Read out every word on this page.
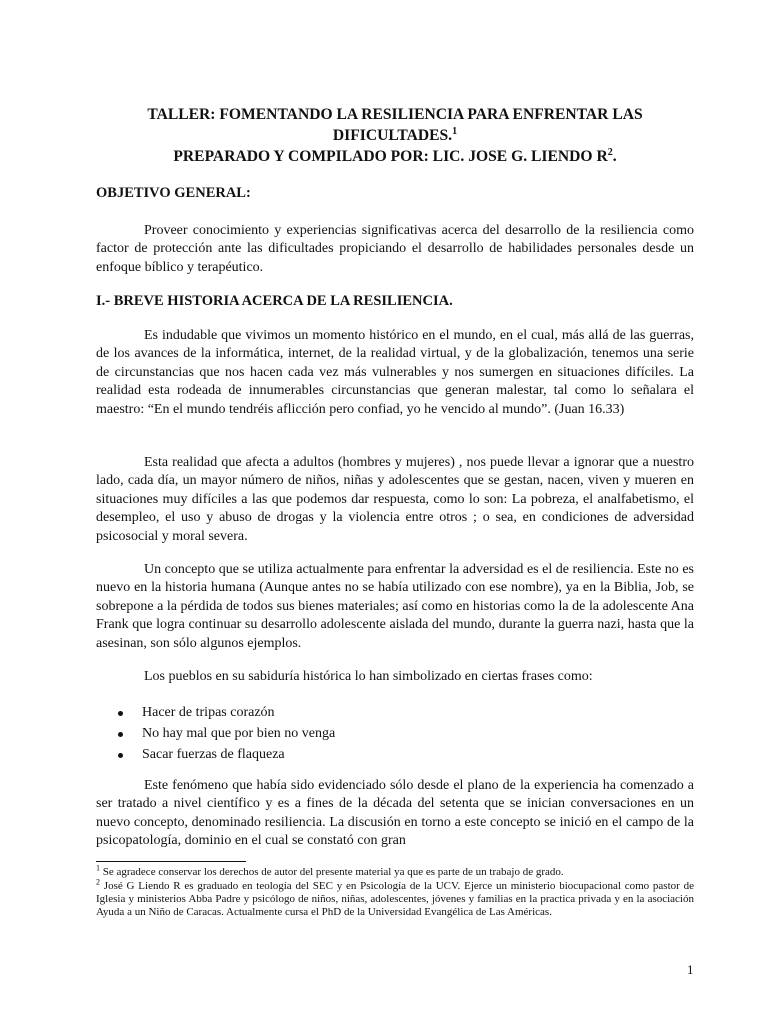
TALLER: FOMENTANDO LA RESILIENCIA PARA ENFRENTAR LAS
DIFICULTADES.$^1$
PREPARADO Y COMPILADO POR: LIC. JOSE G. LIENDO $R^2$.
OBJETIVO GENERAL:

Proveer conocimiento y experiencias significativas acerca del desarrollo de la resiliencia como factor de protección ante las dificultades propiciando el desarrollo de habilidades personales desde un enfoque bíblico y terapéutico.

I.- BREVE HISTORIA ACERCA DE LA RESILIENCIA.

Es indudable que vivimos un momento histórico en el mundo, en el cual, más allá de las guerras, de los avances de la informática, internet, de la realidad virtual, y de la globalización, tenemos una serie de circunstancias que nos hacen cada vez más vulnerables y nos sumergen en situaciones difíciles. La realidad esta rodeada de innumerables circunstancias que generan malestar, tal como lo señalara el maestro: “En el mundo tendréis aflicción pero confiad, yo he vencido al mundo”. (Juan 16.33)

Esta realidad que afecta a adultos (hombres y mujeres) , nos puede llevar a ignorar que a nuestro lado, cada día, un mayor número de niños, niñas y adolescentes que se gestan, nacen, viven y mueren en situaciones muy difíciles a las que podemos dar respuesta, como lo son: La pobreza, el analfabetismo, el desempleo, el uso y abuso de drogas y la violencia entre otros ; o sea, en condiciones de adversidad psicosocial y moral severa.

Un concepto que se utiliza actualmente para enfrentar la adversidad es el de resiliencia. Este no es nuevo en la historia humana (Aunque antes no se había utilizado con ese nombre), ya en la Biblia, Job, se sobrepone a la pérdida de todos sus bienes materiales; así como en historias como la de la adolescente Ana Frank que logra continuar su desarrollo adolescente aislada del mundo, durante la guerra nazi, hasta que la asesinan, son sólo algunos ejemplos.

Los pueblos en su sabiduría histórica lo han simbolizado en ciertas frases como:

Hacer de tripas corazón
No hay mal que por bien no venga
Sacar fuerzas de flaqueza

Este fenómeno que había sido evidenciado sólo desde el plano de la experiencia ha comenzado a ser tratado a nivel científico y es a fines de la década del setenta que se inician conversaciones en un nuevo concepto, denominado resiliencia. La discusión en torno a este concepto se inició en el campo de la psicopatología, dominio en el cual se constató con gran

$^1$ Se agradece conservar los derechos de autor del presente material ya que es parte de un trabajo de grado.

$^2$ José G Liendo R es graduado en teología del SEC y en Psicología de la UCV. Ejerce un ministerio biocupacional como pastor de Iglesia y ministerios Abba Padre y psicólogo de niños, niñas, adolescentes, jóvenes y familias en la practica privada y en la asociación Ayuda a un Niño de Caracas. Actualmente cursa el PhD de la Universidad Evangélica de Las Américas.

1
